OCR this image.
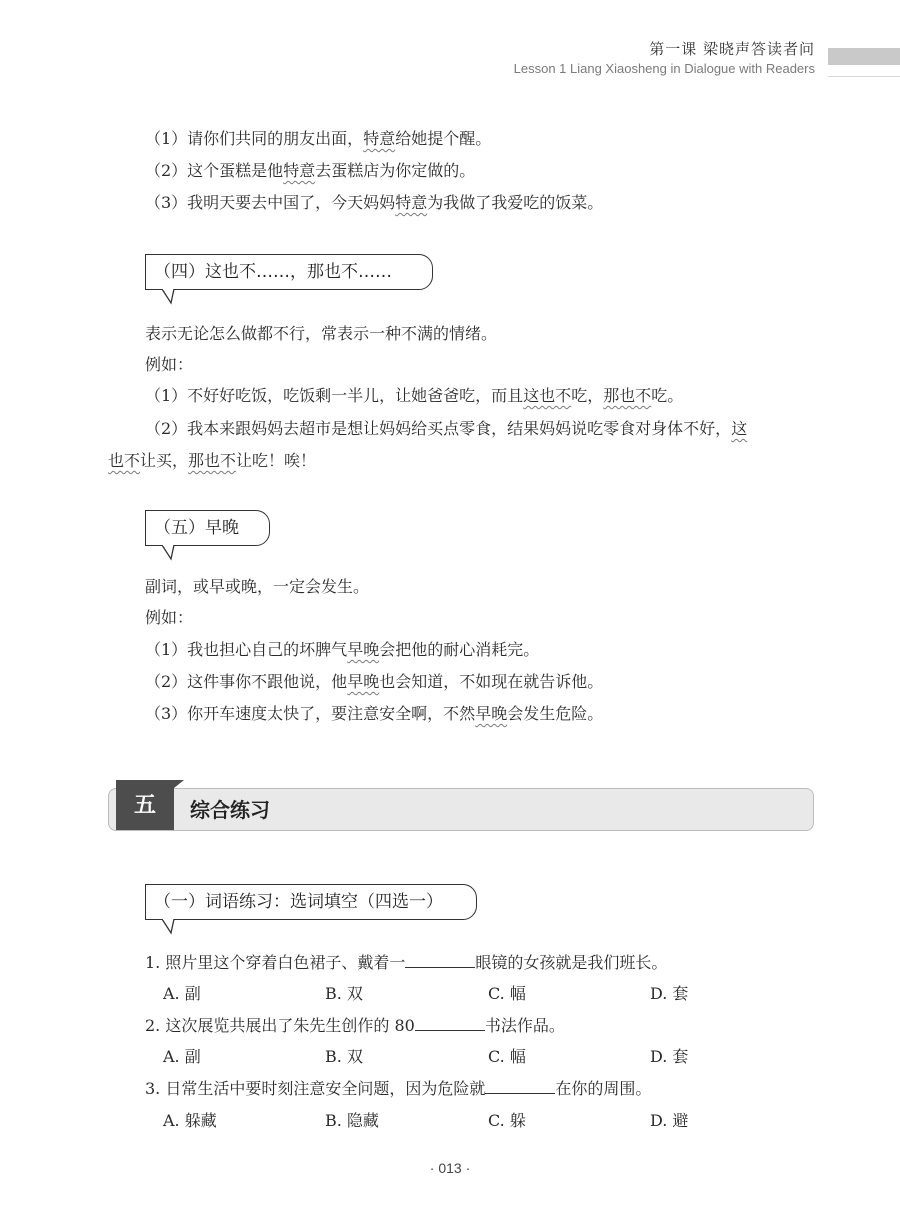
第一课 梁晓声答读者问
Lesson 1 Liang Xiaosheng in Dialogue with Readers
（1）请你们共同的朋友出面，特意给她提个醒。
（2）这个蛋糕是他特意去蛋糕店为你定做的。
（3）我明天要去中国了，今天妈妈特意为我做了我爱吃的饭菜。
（四）这也不……，那也不……
表示无论怎么做都不行，常表示一种不满的情绪。
例如：
（1）不好好吃饭，吃饭剩一半儿，让她爸爸吃，而且这也不吃，那也不吃。
（2）我本来跟妈妈去超市是想让妈妈给买点零食，结果妈妈说吃零食对身体不好，这
也不让买，那也不让吃！唉！
（五）早晚
副词，或早或晚，一定会发生。
例如：
（1）我也担心自己的坏脾气早晚会把他的耐心消耗完。
（2）这件事你不跟他说，他早晚也会知道，不如现在就告诉他。
（3）你开车速度太快了，要注意安全啊，不然早晚会发生危险。
五	综合练习
（一）词语练习：选词填空（四选一）
1. 照片里这个穿着白色裙子、戴着一	眼镜的女孩就是我们班长。
A. 副	B. 双	C. 幅	D. 套
2. 这次展览共展出了朱先生创作的 80	书法作品。
A. 副	B. 双	C. 幅	D. 套
3. 日常生活中要时刻注意安全问题，因为危险就	在你的周围。
A. 躲藏	B. 隐藏	C. 躲	D. 避
· 013 ·
